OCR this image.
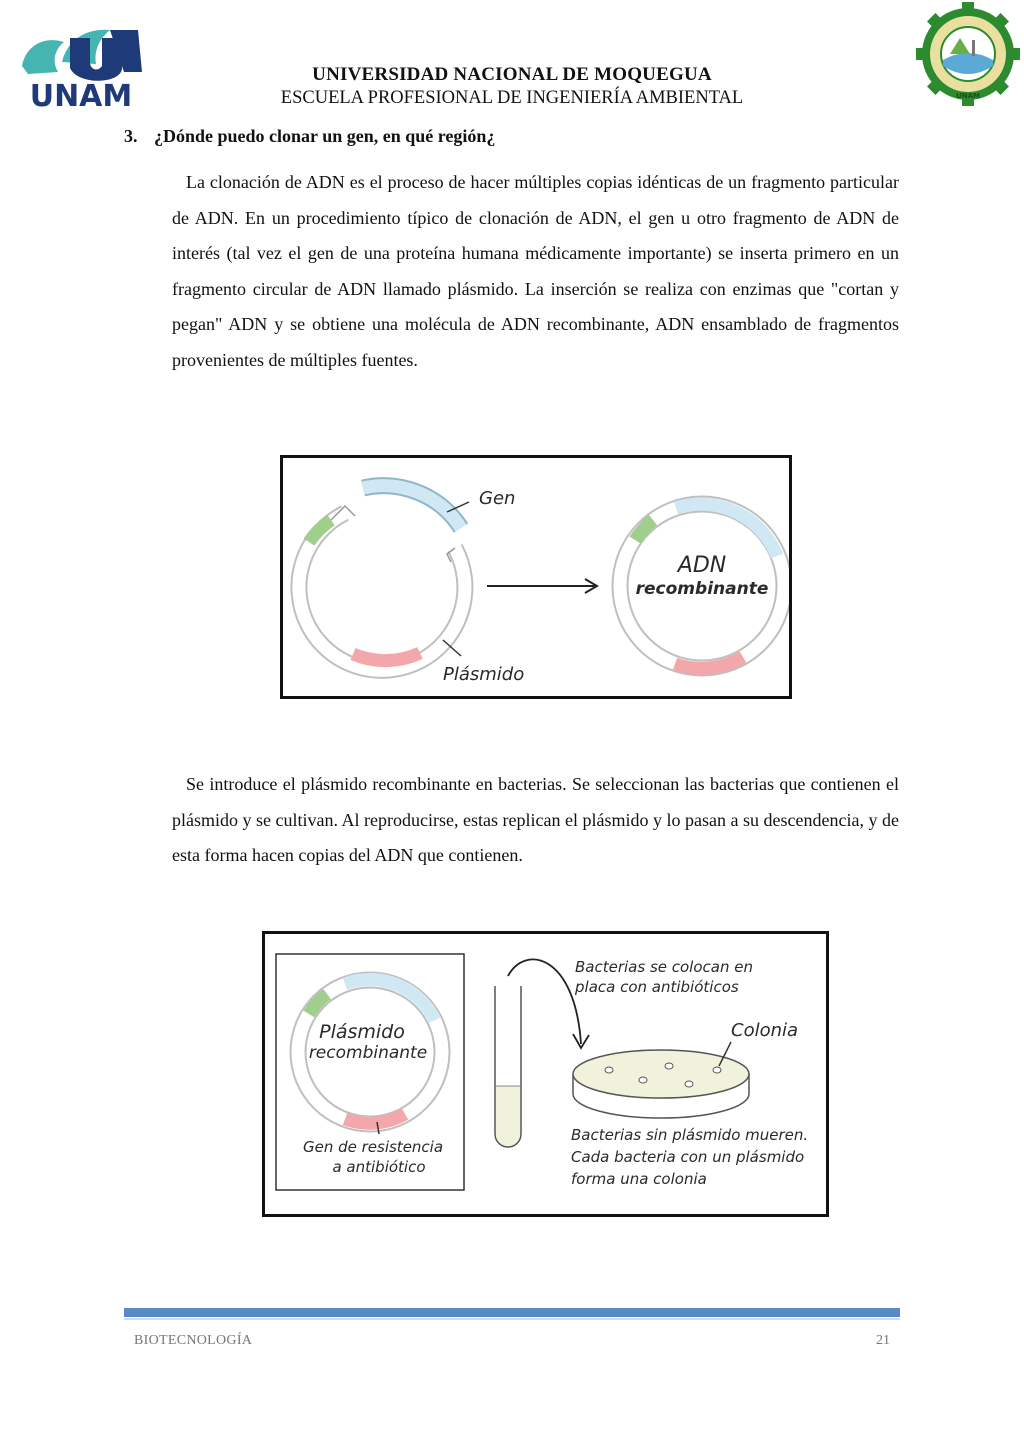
UNAM	UNAM
UNIVERSIDAD NACIONAL DE MOQUEGUA
ESCUELA PROFESIONAL DE INGENIERÍA AMBIENTAL
3. ¿Dónde puedo clonar un gen, en qué región¿

La clonación de ADN es el proceso de hacer múltiples copias idénticas de un fragmento particular de ADN. En un procedimiento típico de clonación de ADN, el gen u otro fragmento de ADN de interés (tal vez el gen de una proteína humana médicamente importante) se inserta primero en un fragmento circular de ADN llamado plásmido. La inserción se realiza con enzimas que "cortan y pegan" ADN y se obtiene una molécula de ADN recombinante, ADN ensamblado de fragmentos provenientes de múltiples fuentes.

Gen
Plásmido
ADN
recombinante

Se introduce el plásmido recombinante en bacterias. Se seleccionan las bacterias que contienen el plásmido y se cultivan. Al reproducirse, estas replican el plásmido y lo pasan a su descendencia, y de esta forma hacen copias del ADN que contienen.

Plásmido
recombinante
Gen de resistencia
a antibiótico
Bacterias se colocan en
placa con antibióticos
Colonia
Bacterias sin plásmido mueren.
Cada bacteria con un plásmido
forma una colonia
BIOTECNOLOGÍA	21
